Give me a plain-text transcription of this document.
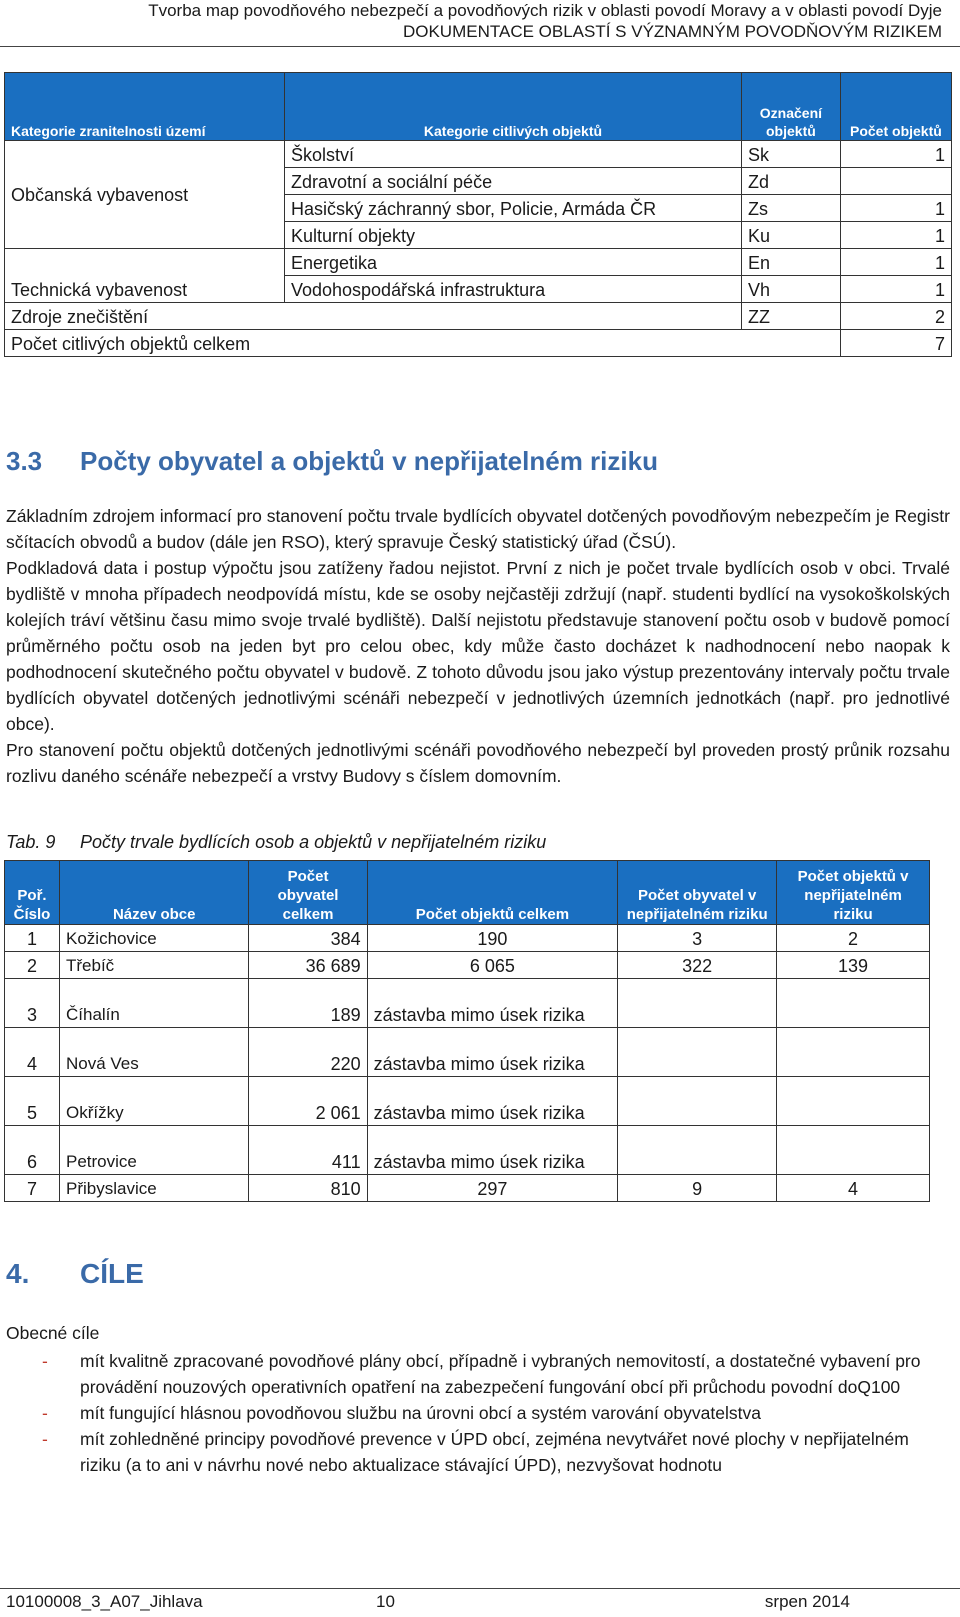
Tvorba map povodňového nebezpečí a povodňových rizik v oblasti povodí Moravy a v oblasti povodí Dyje
DOKUMENTACE OBLASTÍ S VÝZNAMNÝM POVODŇOVÝM RIZIKEM
Kategorie zranitelnosti území	Kategorie citlivých objektů	Označení objektů	Počet objektů
Občanská vybavenost	Školství	Sk	1
	Zdravotní a sociální péče	Zd	
	Hasičský záchranný sbor, Policie, Armáda ČR	Zs	1
	Kulturní objekty	Ku	1
Technická vybavenost	Energetika	En	1
	Vodohospodářská infrastruktura	Vh	1
Zdroje znečištění		ZZ	2
Počet citlivých objektů celkem			7
3.3 Počty obyvatel a objektů v nepřijatelném riziku

Základním zdrojem informací pro stanovení počtu trvale bydlících obyvatel dotčených povodňovým nebezpečím je Registr sčítacích obvodů a budov (dále jen RSO), který spravuje Český statistický úřad (ČSÚ).

Podkladová data i postup výpočtu jsou zatíženy řadou nejistot. První z nich je počet trvale bydlících osob v obci. Trvalé bydliště v mnoha případech neodpovídá místu, kde se osoby nejčastěji zdržují (např. studenti bydlící na vysokoškolských kolejích tráví většinu času mimo svoje trvalé bydliště). Další nejistotu představuje stanovení počtu osob v budově pomocí průměrného počtu osob na jeden byt pro celou obec, kdy může často docházet k nadhodnocení nebo naopak k podhodnocení skutečného počtu obyvatel v budově. Z tohoto důvodu jsou jako výstup prezentovány intervaly počtu trvale bydlících obyvatel dotčených jednotlivými scénáři nebezpečí v jednotlivých územních jednotkách (např. pro jednotlivé obce).

Pro stanovení počtu objektů dotčených jednotlivými scénáři povodňového nebezpečí byl proveden prostý průnik rozsahu rozlivu daného scénáře nebezpečí a vrstvy Budovy s číslem domovním.

Tab. 9 Počty trvale bydlících osob a objektů v nepřijatelném riziku
Poř. Číslo	Název obce	Počet obyvatel celkem	Počet objektů celkem	Počet obyvatel v nepřijatelném riziku	Počet objektů v nepřijatelném riziku
1	Kožichovice	384	190	3	2
2	Třebíč	36 689	6 065	322	139
3	Číhalín	189	zástavba mimo úsek rizika		
4	Nová Ves	220	zástavba mimo úsek rizika		
5	Okřížky	2 061	zástavba mimo úsek rizika		
6	Petrovice	411	zástavba mimo úsek rizika		
7	Přibyslavice	810	297	9	4
4. CÍLE

Obecné cíle

- mít kvalitně zpracované povodňové plány obcí, případně i vybraných nemovitostí, a dostatečné vybavení pro provádění nouzových operativních opatření na zabezpečení fungování obcí při průchodu povodní doQ100
- mít fungující hlásnou povodňovou službu na úrovni obcí a systém varování obyvatelstva
- mít zohledněné principy povodňové prevence v ÚPD obcí, zejména nevytvářet nové plochy v nepřijatelném riziku (a to ani v návrhu nové nebo aktualizace stávající ÚPD), nezvyšovat hodnotu
10100008_3_A07_Jihlava	10	srpen 2014
